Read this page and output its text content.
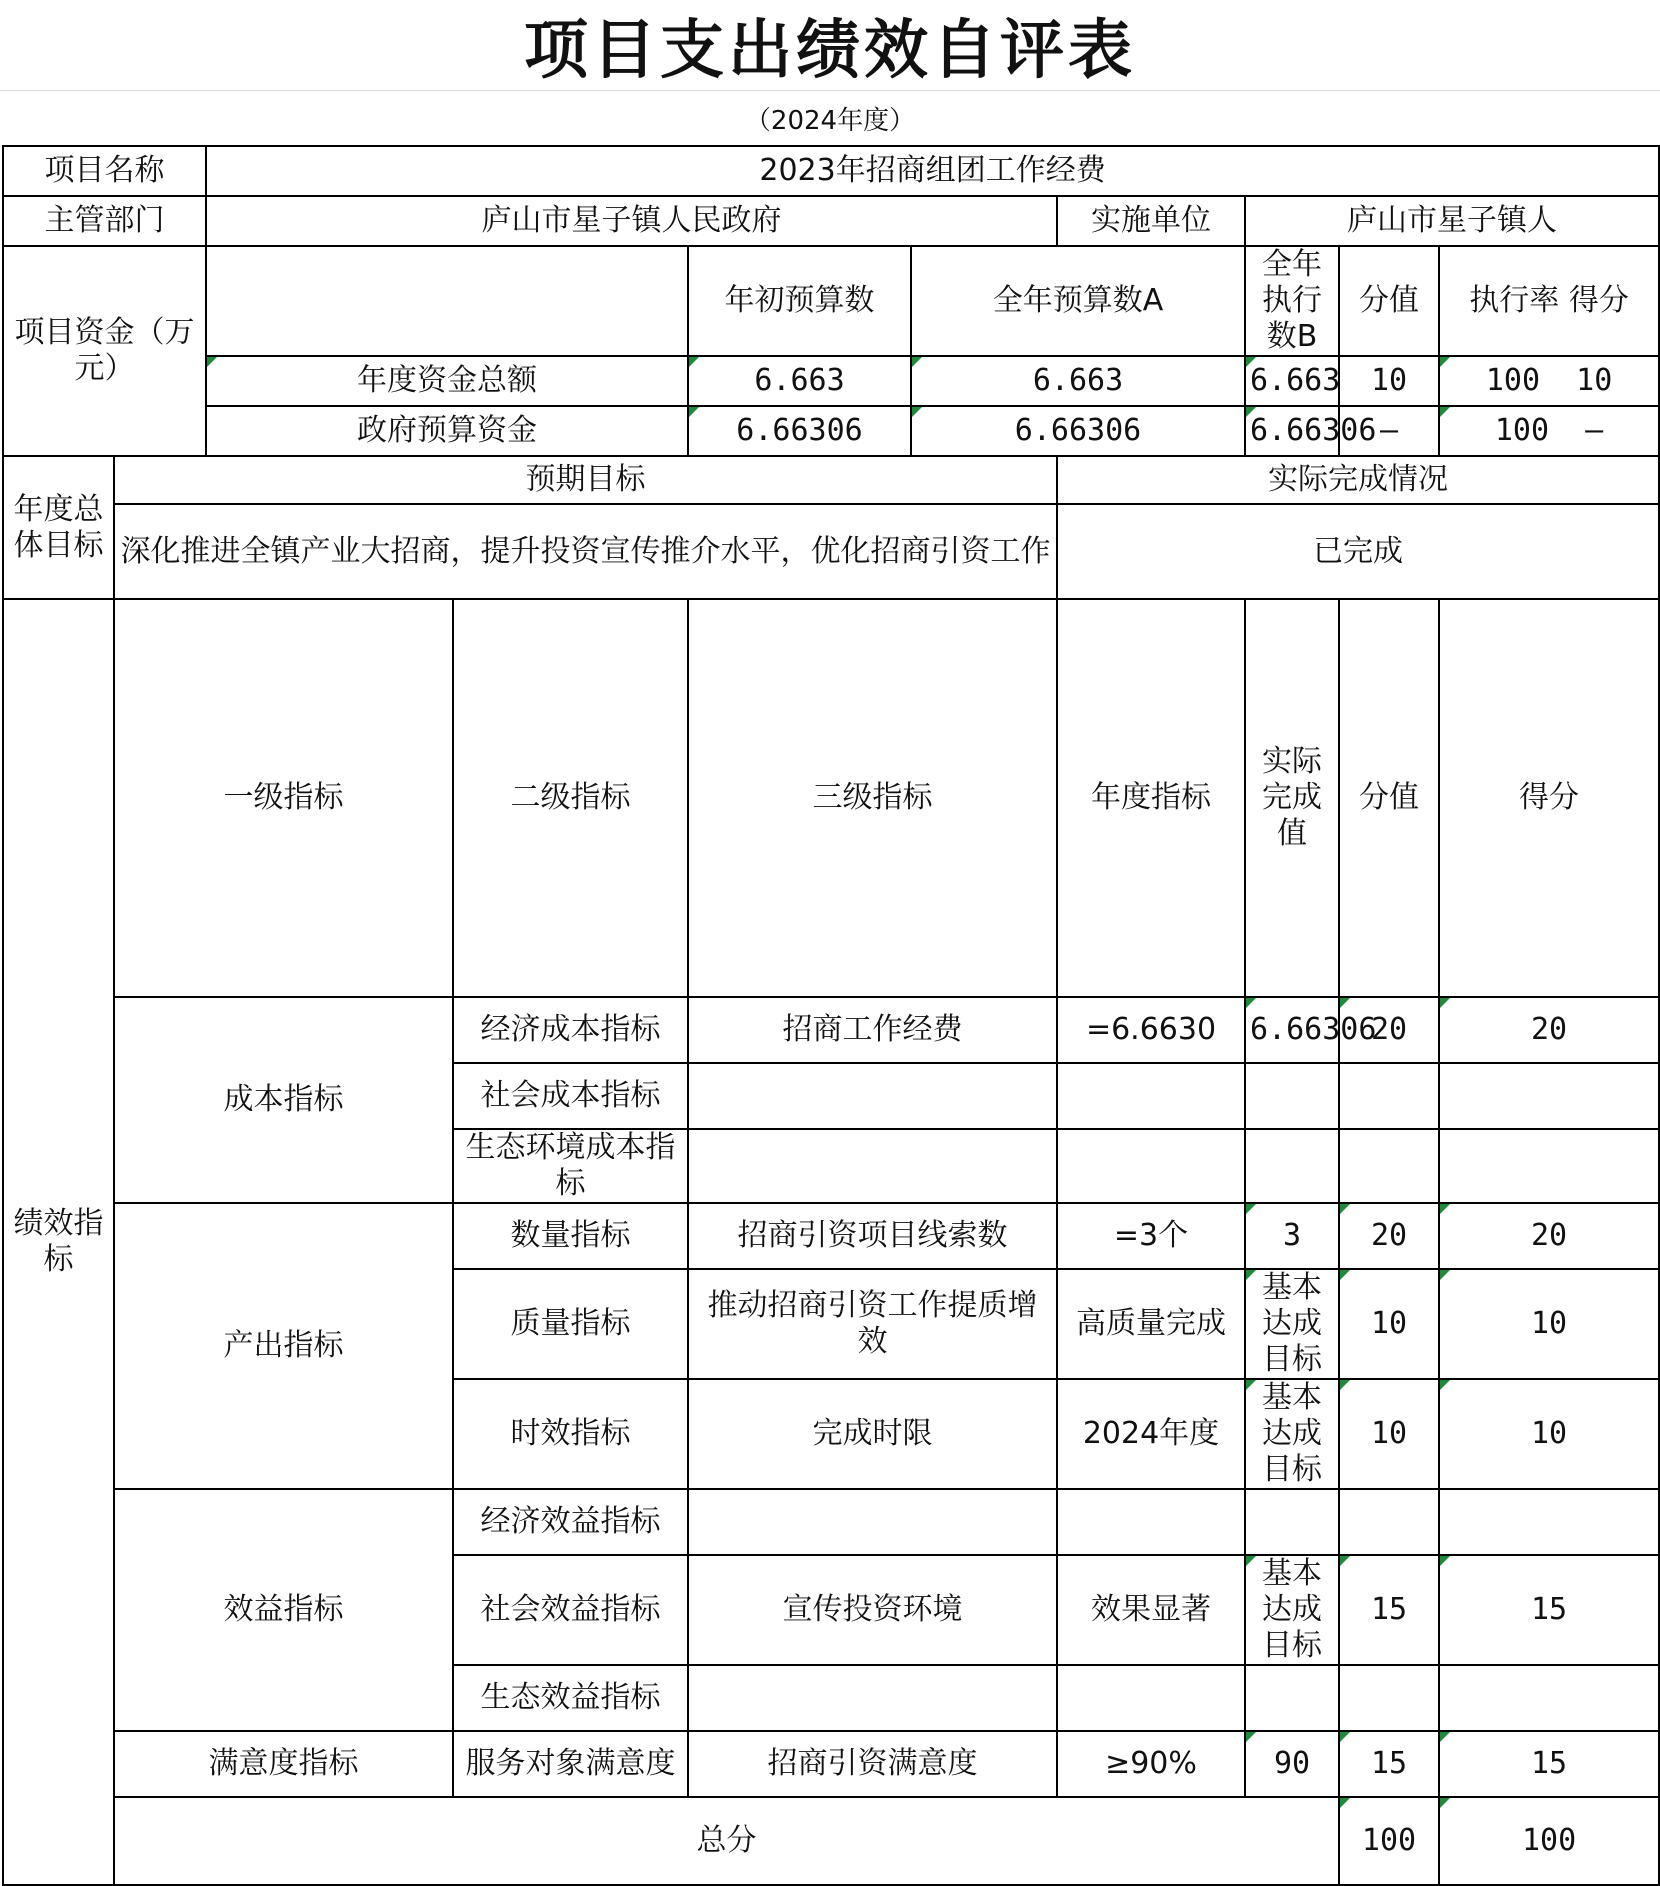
项目支出绩效自评表
（2024年度）
项目名称		2023年招商组团工作经费								
主管部门		庐山市星子镇人民政府				实施单位	庐山市星子镇人			
项目资金（万元）				年初预算数	全年预算数A		全年执行数B	分值	执行率 得分	
		年度资金总额		6.663	6.663		6.663	10	100 10	
		政府预算资金		6.66306	6.66306		6.66306	—	100 —	
年度总体目标	预期目标					实际完成情况				
	深化推进全镇产业大招商，提升投资宣传推介水平，优化招商引资工作					已完成				
绩效指标	一级指标		二级指标	三级指标		年度指标	实际完成值	分值	得分	
	成本指标		经济成本指标	招商工作经费		=6.6630	6.66306	20	20	
			社会成本指标							
			生态环境成本指标							
	产出指标		数量指标	招商引资项目线索数		=3个	3	20	20	
			质量指标	推动招商引资工作提质增效		高质量完成	基本达成目标	10	10	
			时效指标	完成时限		2024年度	基本达成目标	10	10	
	效益指标		经济效益指标							
			社会效益指标	宣传投资环境		效果显著	基本达成目标	15	15	
			生态效益指标							
	满意度指标		服务对象满意度	招商引资满意度		≥90%	90	15	15	
	总分							100	100	
